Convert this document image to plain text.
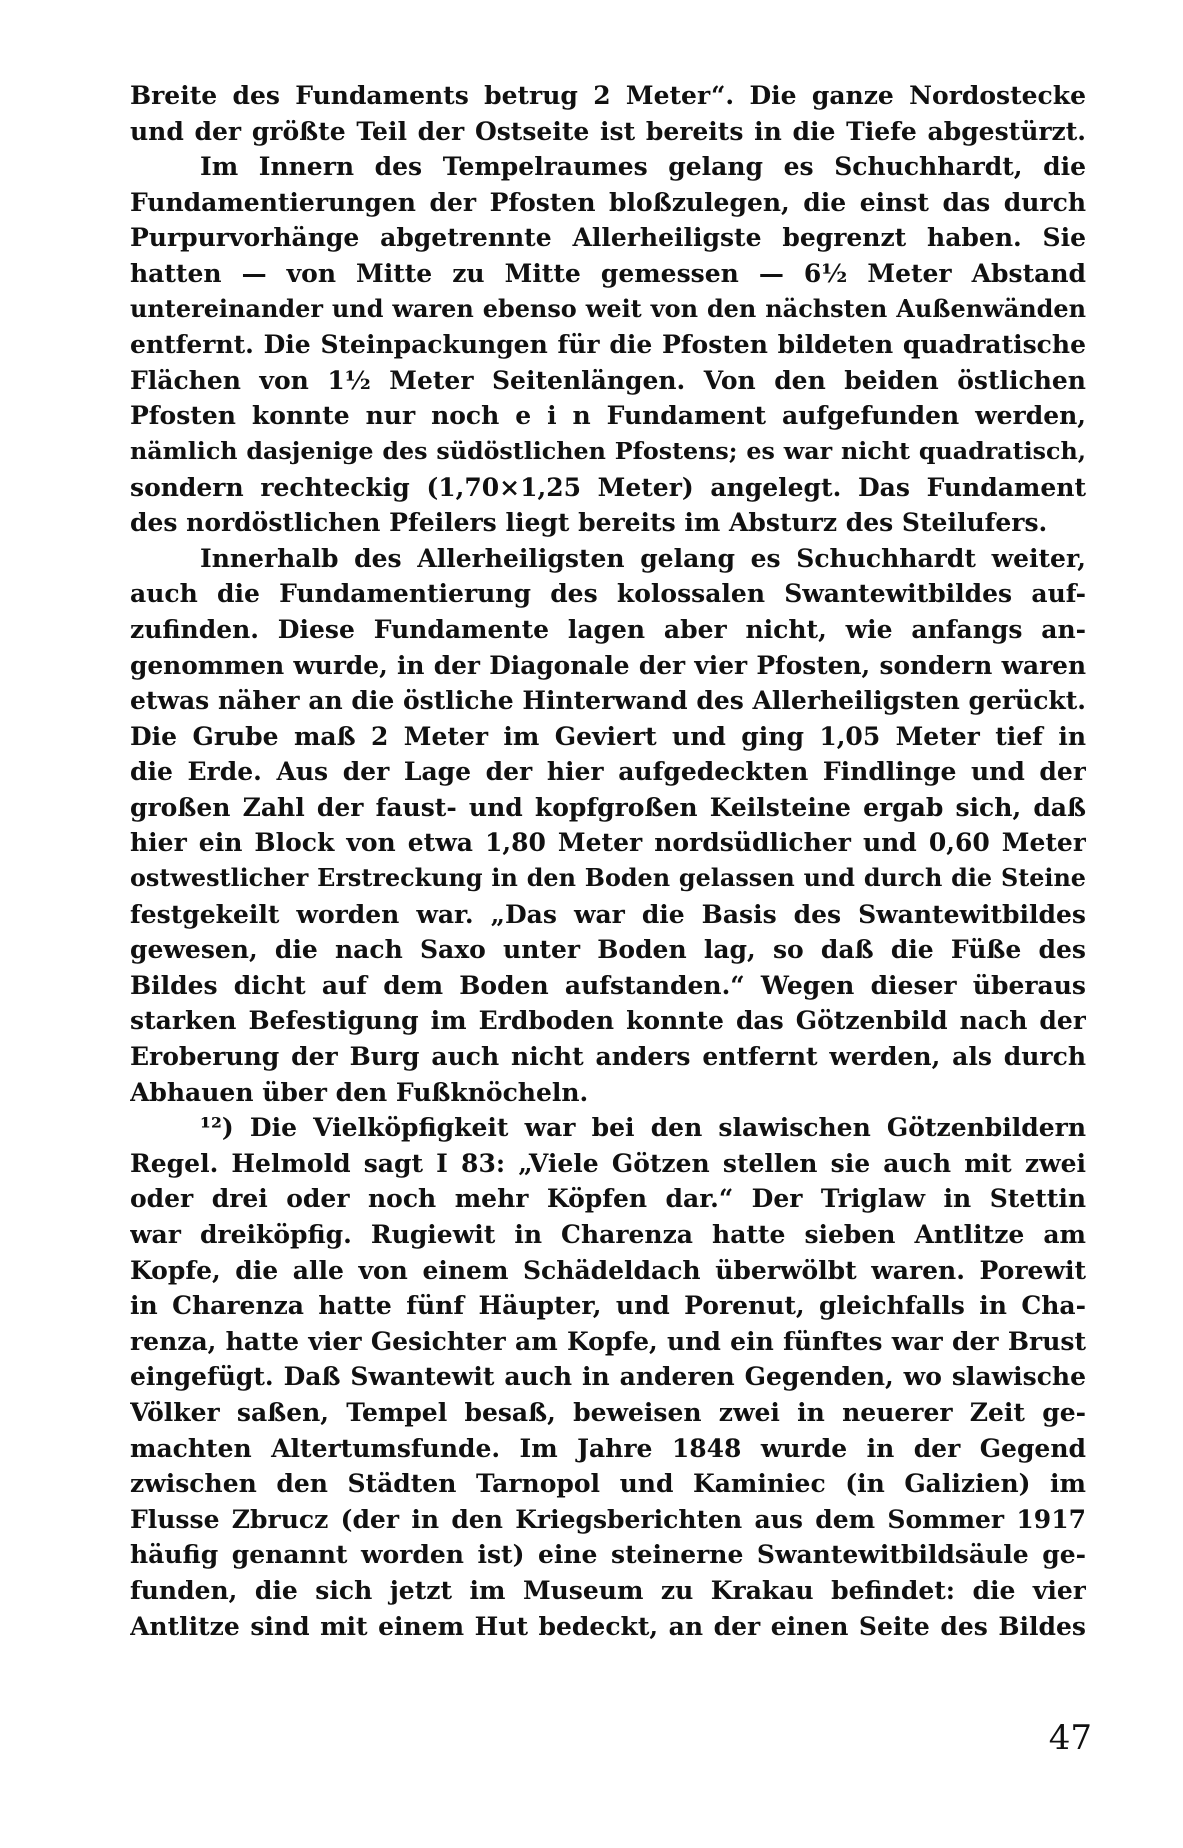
Breite des Fundaments betrug 2 Meter“. Die ganze Nordostecke
und der größte Teil der Ostseite ist bereits in die Tiefe abgestürzt.
Im Innern des Tempelraumes gelang es Schuchhardt, die
Fundamentierungen der Pfosten bloßzulegen, die einst das durch
Purpurvorhänge abgetrennte Allerheiligste begrenzt haben. Sie
hatten — von Mitte zu Mitte gemessen — 6½ Meter Abstand
untereinander und waren ebenso weit von den nächsten Außenwänden
entfernt. Die Steinpackungen für die Pfosten bildeten quadratische
Flächen von 1½ Meter Seitenlängen. Von den beiden östlichen
Pfosten konnte nur noch e i n Fundament aufgefunden werden,
nämlich dasjenige des südöstlichen Pfostens; es war nicht quadratisch,
sondern rechteckig (1,70×1,25 Meter) angelegt. Das Fundament
des nordöstlichen Pfeilers liegt bereits im Absturz des Steilufers.
Innerhalb des Allerheiligsten gelang es Schuchhardt weiter,
auch die Fundamentierung des kolossalen Swantewitbildes auf-
zufinden. Diese Fundamente lagen aber nicht, wie anfangs an-
genommen wurde, in der Diagonale der vier Pfosten, sondern waren
etwas näher an die östliche Hinterwand des Allerheiligsten gerückt.
Die Grube maß 2 Meter im Geviert und ging 1,05 Meter tief in
die Erde. Aus der Lage der hier aufgedeckten Findlinge und der
großen Zahl der faust- und kopfgroßen Keilsteine ergab sich, daß
hier ein Block von etwa 1,80 Meter nordsüdlicher und 0,60 Meter
ostwestlicher Erstreckung in den Boden gelassen und durch die Steine
festgekeilt worden war. „Das war die Basis des Swantewitbildes
gewesen, die nach Saxo unter Boden lag, so daß die Füße des
Bildes dicht auf dem Boden aufstanden.“ Wegen dieser überaus
starken Befestigung im Erdboden konnte das Götzenbild nach der
Eroberung der Burg auch nicht anders entfernt werden, als durch
Abhauen über den Fußknöcheln.
¹²) Die Vielköpfigkeit war bei den slawischen Götzenbildern
Regel. Helmold sagt I 83: „Viele Götzen stellen sie auch mit zwei
oder drei oder noch mehr Köpfen dar.“ Der Triglaw in Stettin
war dreiköpfig. Rugiewit in Charenza hatte sieben Antlitze am
Kopfe, die alle von einem Schädeldach überwölbt waren. Porewit
in Charenza hatte fünf Häupter, und Porenut, gleichfalls in Cha-
renza, hatte vier Gesichter am Kopfe, und ein fünftes war der Brust
eingefügt. Daß Swantewit auch in anderen Gegenden, wo slawische
Völker saßen, Tempel besaß, beweisen zwei in neuerer Zeit ge-
machten Altertumsfunde. Im Jahre 1848 wurde in der Gegend
zwischen den Städten Tarnopol und Kaminiec (in Galizien) im
Flusse Zbrucz (der in den Kriegsberichten aus dem Sommer 1917
häufig genannt worden ist) eine steinerne Swantewitbildsäule ge-
funden, die sich jetzt im Museum zu Krakau befindet: die vier
Antlitze sind mit einem Hut bedeckt, an der einen Seite des Bildes
47
